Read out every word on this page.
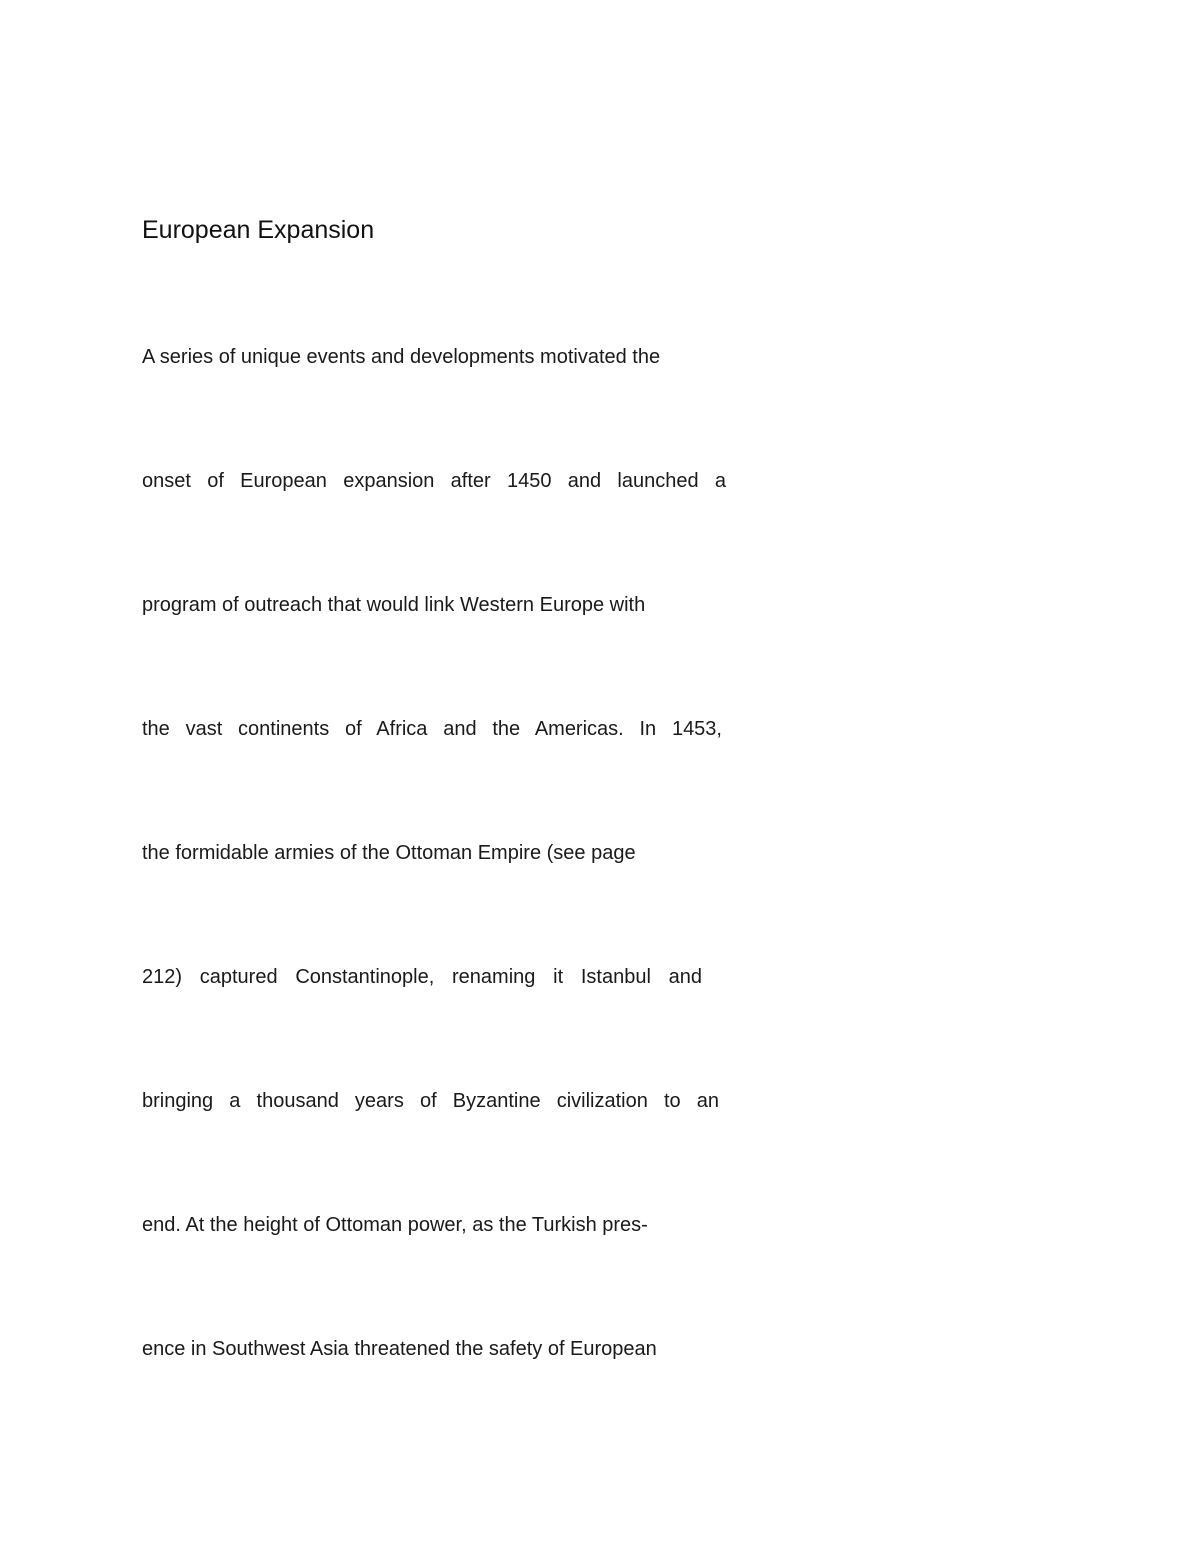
European Expansion

A series of unique events and developments motivated the

onset of European expansion after 1450 and launched a

program of outreach that would link Western Europe with

the vast continents of Africa and the Americas. In 1453,

the formidable armies of the Ottoman Empire (see page

212) captured Constantinople, renaming it Istanbul and

bringing a thousand years of Byzantine civilization to an

end. At the height of Ottoman power, as the Turkish pres-

ence in Southwest Asia threatened the safety of European
